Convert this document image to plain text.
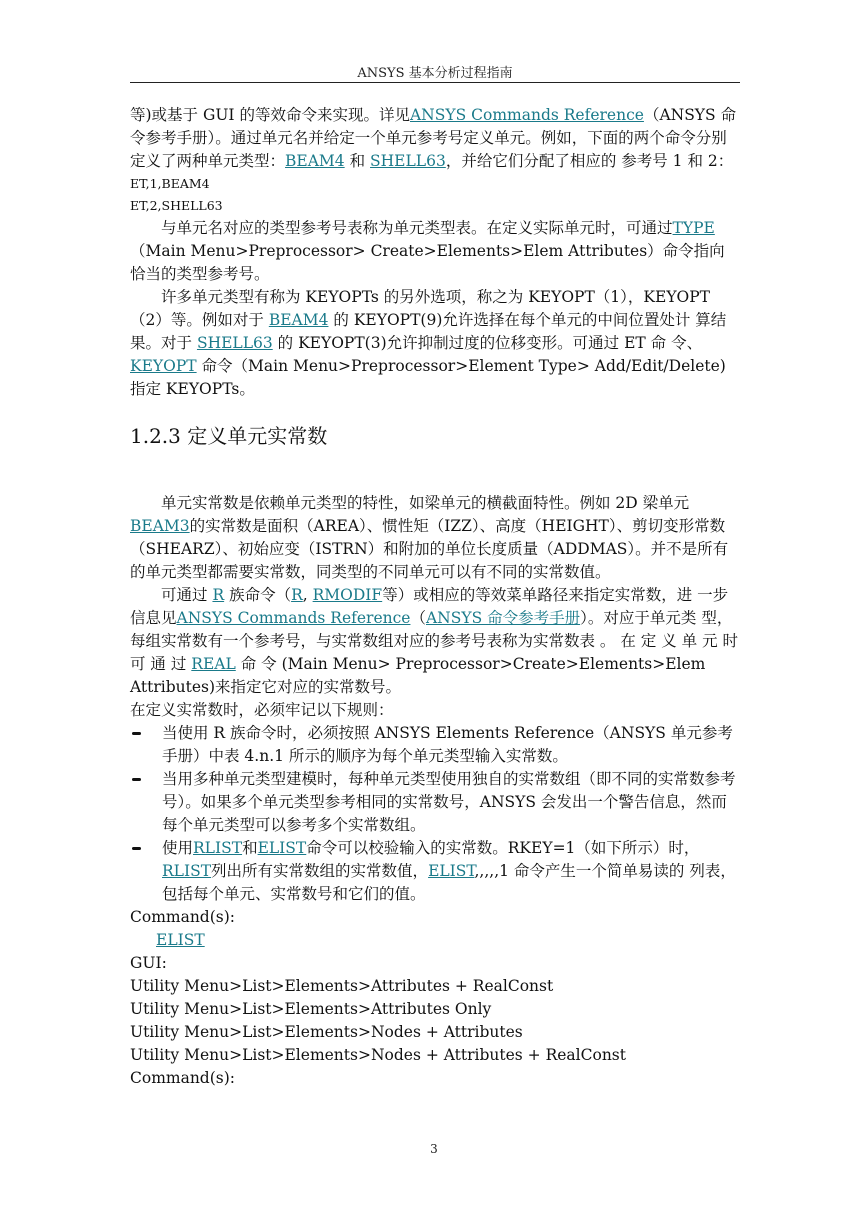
ANSYS 基本分析过程指南

等)或基于 GUI 的等效命令来实现。详见ANSYS Commands Reference（ANSYS 命令参考手册）。通过单元名并给定一个单元参考号定义单元。例如，下面的两个命令分别定义了两种单元类型：BEAM4 和 SHELL63，并给它们分配了相应的 参考号 1 和 2：

ET,1,BEAM4
ET,2,SHELL63

与单元名对应的类型参考号表称为单元类型表。在定义实际单元时，可通过TYPE（Main Menu>Preprocessor> Create>Elements>Elem Attributes）命令指向恰当的类型参考号。

许多单元类型有称为 KEYOPTs 的另外选项，称之为 KEYOPT（1），KEYOPT（2）等。例如对于 BEAM4 的 KEYOPT(9)允许选择在每个单元的中间位置处计 算结果。对于 SHELL63 的 KEYOPT(3)允许抑制过度的位移变形。可通过 ET 命 令、KEYOPT 命令（Main Menu>Preprocessor>Element Type> Add/Edit/Delete) 指定 KEYOPTs。

1.2.3 定义单元实常数

单元实常数是依赖单元类型的特性，如梁单元的横截面特性。例如 2D 梁单元BEAM3的实常数是面积（AREA）、惯性矩（IZZ）、高度（HEIGHT）、剪切变形常数（SHEARZ）、初始应变（ISTRN）和附加的单位长度质量（ADDMAS）。并不是所有的单元类型都需要实常数，同类型的不同单元可以有不同的实常数值。

可通过 R 族命令（R, RMODIF等）或相应的等效菜单路径来指定实常数，进 一步信息见ANSYS Commands Reference（ANSYS 命令参考手册）。对应于单元类 型，每组实常数有一个参考号，与实常数组对应的参考号表称为实常数表 。 在 定 义 单 元 时 可 通 过 REAL 命 令 (Main Menu> Preprocessor>Create>Elements>Elem Attributes)来指定它对应的实常数号。

在定义实常数时，必须牢记以下规则：

当使用 R 族命令时，必须按照 ANSYS Elements Reference（ANSYS 单元参考 手册）中表 4.n.1 所示的顺序为每个单元类型输入实常数。
当用多种单元类型建模时，每种单元类型使用独自的实常数组（即不同的实常数参考号）。如果多个单元类型参考相同的实常数号，ANSYS 会发出一个警告信息，然而每个单元类型可以参考多个实常数组。
使用RLIST和ELIST命令可以校验输入的实常数。RKEY=1（如下所示）时， RLIST列出所有实常数组的实常数值，ELIST,,,,,1 命令产生一个简单易读的 列表，包括每个单元、实常数号和它们的值。
Command(s):
ELIST
GUI:
Utility Menu>List>Elements>Attributes + RealConst
Utility Menu>List>Elements>Attributes Only
Utility Menu>List>Elements>Nodes + Attributes
Utility Menu>List>Elements>Nodes + Attributes + RealConst
Command(s):
3
